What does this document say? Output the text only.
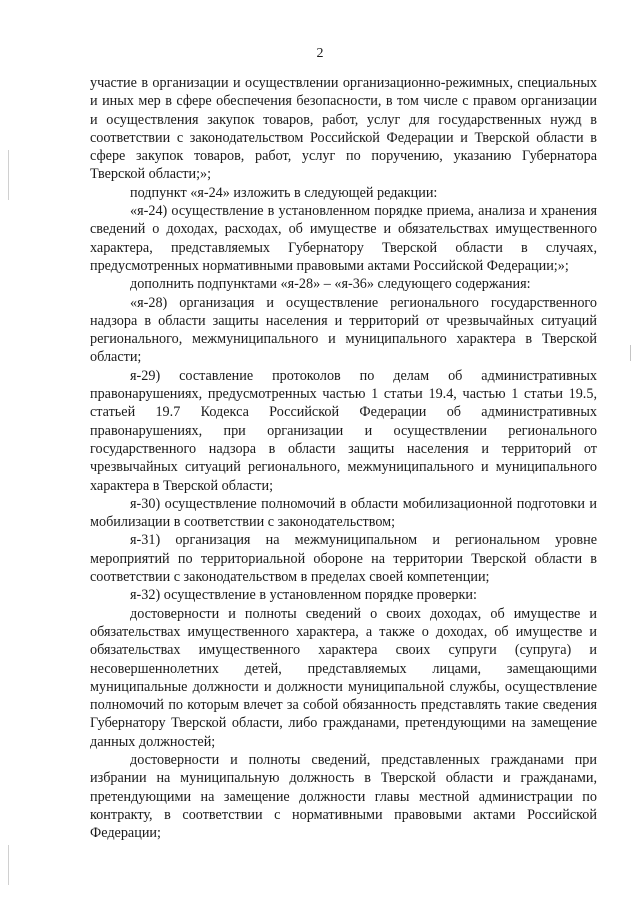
2

участие в организации и осуществлении организационно-режимных, специальных и иных мер в сфере обеспечения безопасности, в том числе с правом организации и осуществления закупок товаров, работ, услуг для государственных нужд в соответствии с законодательством Российской Федерации и Тверской области в сфере закупок товаров, работ, услуг по поручению, указанию Губернатора Тверской области;»;

подпункт «я-24» изложить в следующей редакции:

«я-24) осуществление в установленном порядке приема, анализа и хранения сведений о доходах, расходах, об имуществе и обязательствах имущественного характера, представляемых Губернатору Тверской области в случаях, предусмотренных нормативными правовыми актами Российской Федерации;»;

дополнить подпунктами «я-28» – «я-36» следующего содержания:

«я-28) организация и осуществление регионального государственного надзора в области защиты населения и территорий от чрезвычайных ситуаций регионального, межмуниципального и муниципального характера в Тверской области;

я-29) составление протоколов по делам об административных правонарушениях, предусмотренных частью 1 статьи 19.4, частью 1 статьи 19.5, статьей 19.7 Кодекса Российской Федерации об административных правонарушениях, при организации и осуществлении регионального государственного надзора в области защиты населения и территорий от чрезвычайных ситуаций регионального, межмуниципального и муниципального характера в Тверской области;

я-30) осуществление полномочий в области мобилизационной подготовки и мобилизации в соответствии с законодательством;

я-31) организация на межмуниципальном и региональном уровне мероприятий по территориальной обороне на территории Тверской области в соответствии с законодательством в пределах своей компетенции;

я-32) осуществление в установленном порядке проверки:

достоверности и полноты сведений о своих доходах, об имуществе и обязательствах имущественного характера, а также о доходах, об имуществе и обязательствах имущественного характера своих супруги (супруга) и несовершеннолетних детей, представляемых лицами, замещающими муниципальные должности и должности муниципальной службы, осуществление полномочий по которым влечет за собой обязанность представлять такие сведения Губернатору Тверской области, либо гражданами, претендующими на замещение данных должностей;

достоверности и полноты сведений, представленных гражданами при избрании на муниципальную должность в Тверской области и гражданами, претендующими на замещение должности главы местной администрации по контракту, в соответствии с нормативными правовыми актами Российской Федерации;
